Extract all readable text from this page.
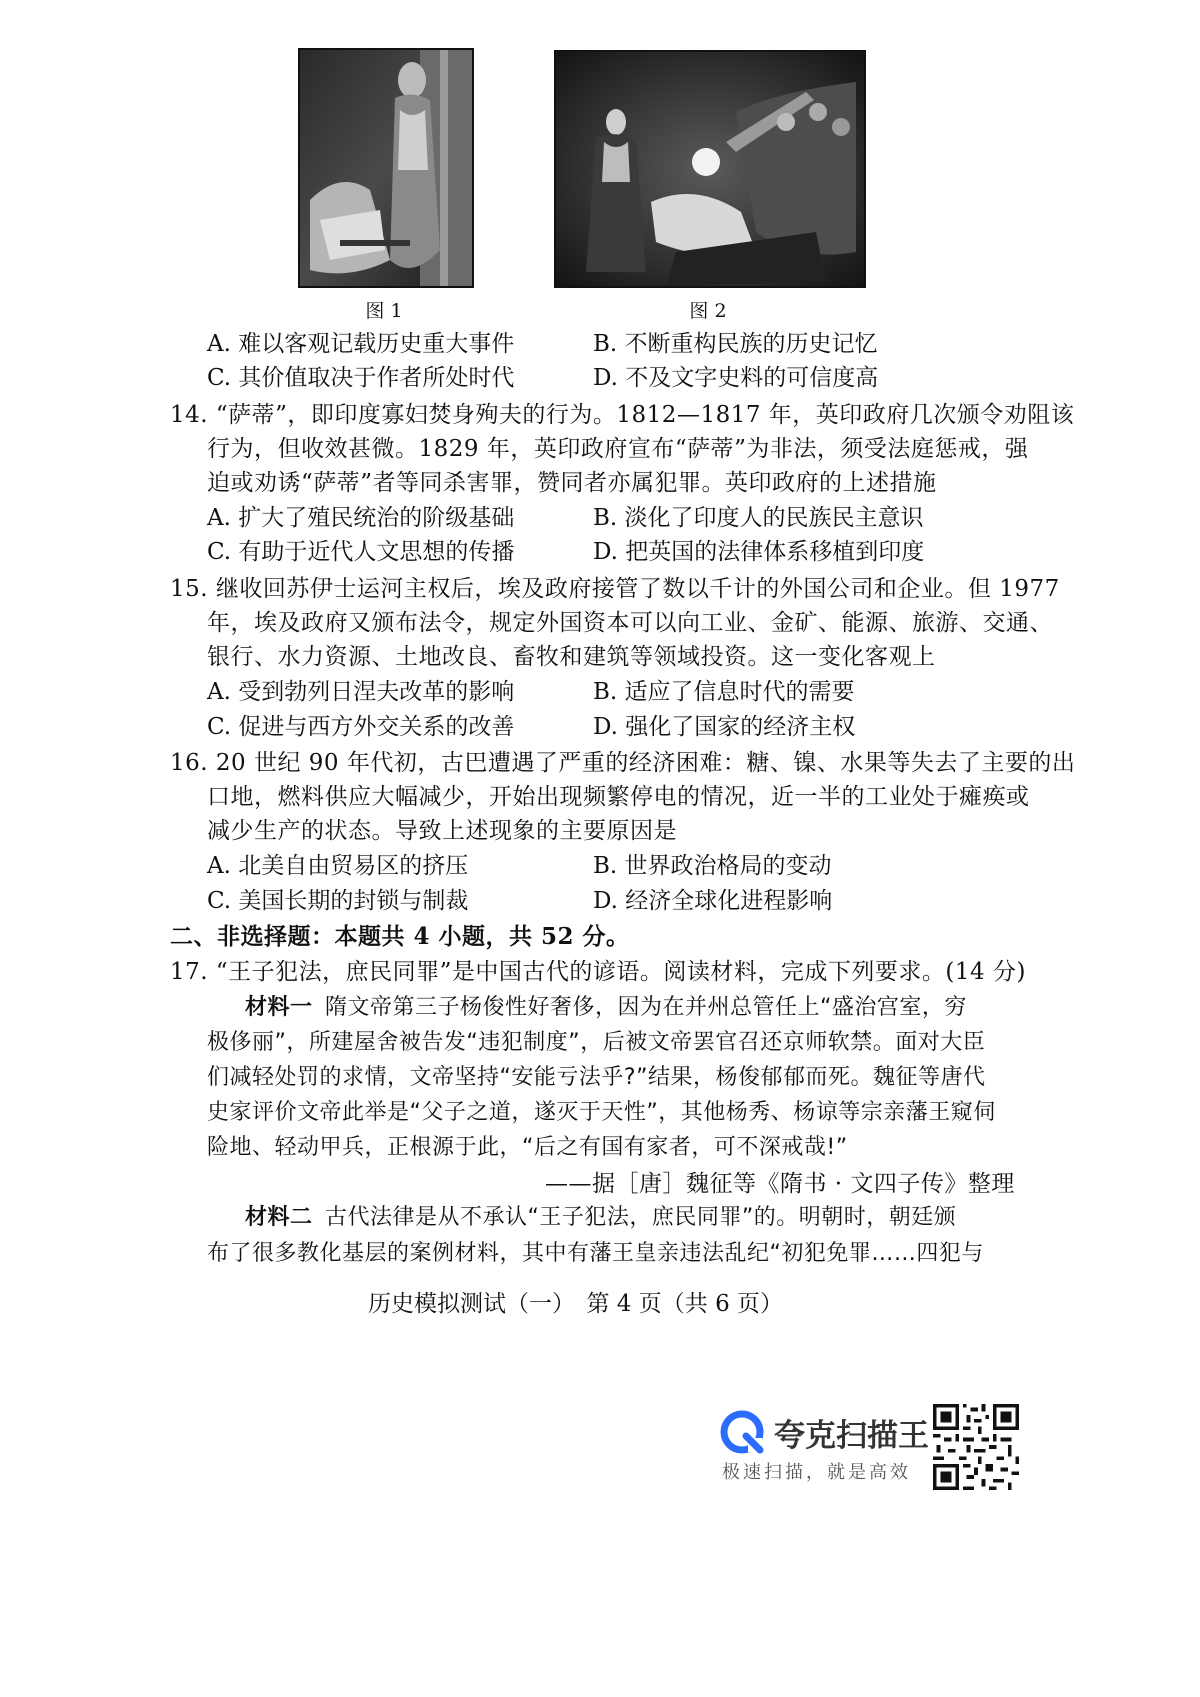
图 1	图 2
A. 难以客观记载历史重大事件	B. 不断重构民族的历史记忆
C. 其价值取决于作者所处时代	D. 不及文字史料的可信度高
14. “萨蒂”，即印度寡妇焚身殉夫的行为。1812—1817 年，英印政府几次颁令劝阻该
行为，但收效甚微。1829 年，英印政府宣布“萨蒂”为非法，须受法庭惩戒，强
迫或劝诱“萨蒂”者等同杀害罪，赞同者亦属犯罪。英印政府的上述措施
A. 扩大了殖民统治的阶级基础	B. 淡化了印度人的民族民主意识
C. 有助于近代人文思想的传播	D. 把英国的法律体系移植到印度
15. 继收回苏伊士运河主权后，埃及政府接管了数以千计的外国公司和企业。但 1977
年，埃及政府又颁布法令，规定外国资本可以向工业、金矿、能源、旅游、交通、
银行、水力资源、土地改良、畜牧和建筑等领域投资。这一变化客观上
A. 受到勃列日涅夫改革的影响	B. 适应了信息时代的需要
C. 促进与西方外交关系的改善	D. 强化了国家的经济主权
16. 20 世纪 90 年代初，古巴遭遇了严重的经济困难：糖、镍、水果等失去了主要的出
口地，燃料供应大幅减少，开始出现频繁停电的情况，近一半的工业处于瘫痪或
减少生产的状态。导致上述现象的主要原因是
A. 北美自由贸易区的挤压	B. 世界政治格局的变动
C. 美国长期的封锁与制裁	D. 经济全球化进程影响
二、非选择题：本题共 4 小题，共 52 分。
17. “王子犯法，庶民同罪”是中国古代的谚语。阅读材料，完成下列要求。(14 分)
材料一 隋文帝第三子杨俊性好奢侈，因为在并州总管任上“盛治宫室，穷
极侈丽”，所建屋舍被告发“违犯制度”，后被文帝罢官召还京师软禁。面对大臣
们减轻处罚的求情，文帝坚持“安能亏法乎?”结果，杨俊郁郁而死。魏征等唐代
史家评价文帝此举是“父子之道，遂灭于天性”，其他杨秀、杨谅等宗亲藩王窥伺
险地、轻动甲兵，正根源于此，“后之有国有家者，可不深戒哉!”
——据［唐］魏征等《隋书 · 文四子传》整理
材料二 古代法律是从不承认“王子犯法，庶民同罪”的。明朝时，朝廷颁
布了很多教化基层的案例材料，其中有藩王皇亲违法乱纪“初犯免罪……四犯与
历史模拟测试（一）　第 4 页（共 6 页）
夸克扫描王
极速扫描，就是高效
